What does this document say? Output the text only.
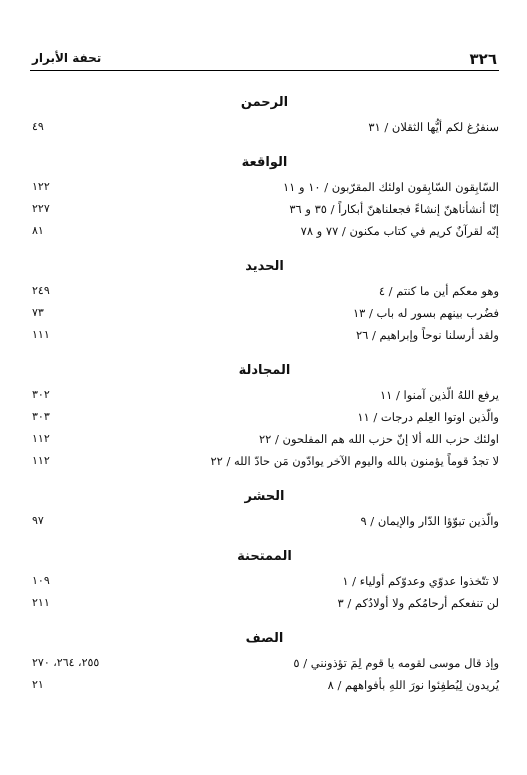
٣٢٦
تحفة الأبرار
الرحمن
سنفرُغ لكم أيُّها الثقلان / ٣١
٤٩
الواقعة
السّابِقون السّابِقون اولئك المقرّبون / ١٠ و ١١
١٢٢
إنّا أنشأناهنّ إنشاءً فجعلناهنّ أبكاراً / ٣٥ و ٣٦
٢٢٧
إنّه لقرآنٌ كريم في كتاب مكنون / ٧٧ و ٧٨
٨١
الحديد
وهو معكم أين ما كنتم / ٤
٢٤٩
فضُرب بينهم بسور له باب / ١٣
٧٣
ولقد أرسلنا نوحاً وإبراهيم / ٢٦
١١١
المجادلة
يرفع اللهُ الّذين آمنوا / ١١
٣٠٢
والّذين اوتوا العِلم درجات / ١١
٣٠٣
اولئك حزب الله ألا إنّ حزب الله هم المفلحون / ٢٢
١١٢
لا تجدُ قوماً يؤمنون بالله واليوم الآخر يوادّون مَن حادّ الله / ٢٢
١١٢
الحشر
والّذين تبوّؤا الدّار والإيمان / ٩
٩٧
الممتحنة
لا تتّخذوا عدوّي وعدوّكم أولياء / ١
١٠٩
لن تنفعكم أرحامُكم ولا أولادُكم / ٣
٢١١
الصف
وإذ قال موسى لقومه يا قوم لِمَ تؤذونني / ٥
٢٥٥، ٢٦٤، ٢٧٠
يُريدون لِيُطفِئوا نورَ اللهِ بأفواههم / ٨
٢١
